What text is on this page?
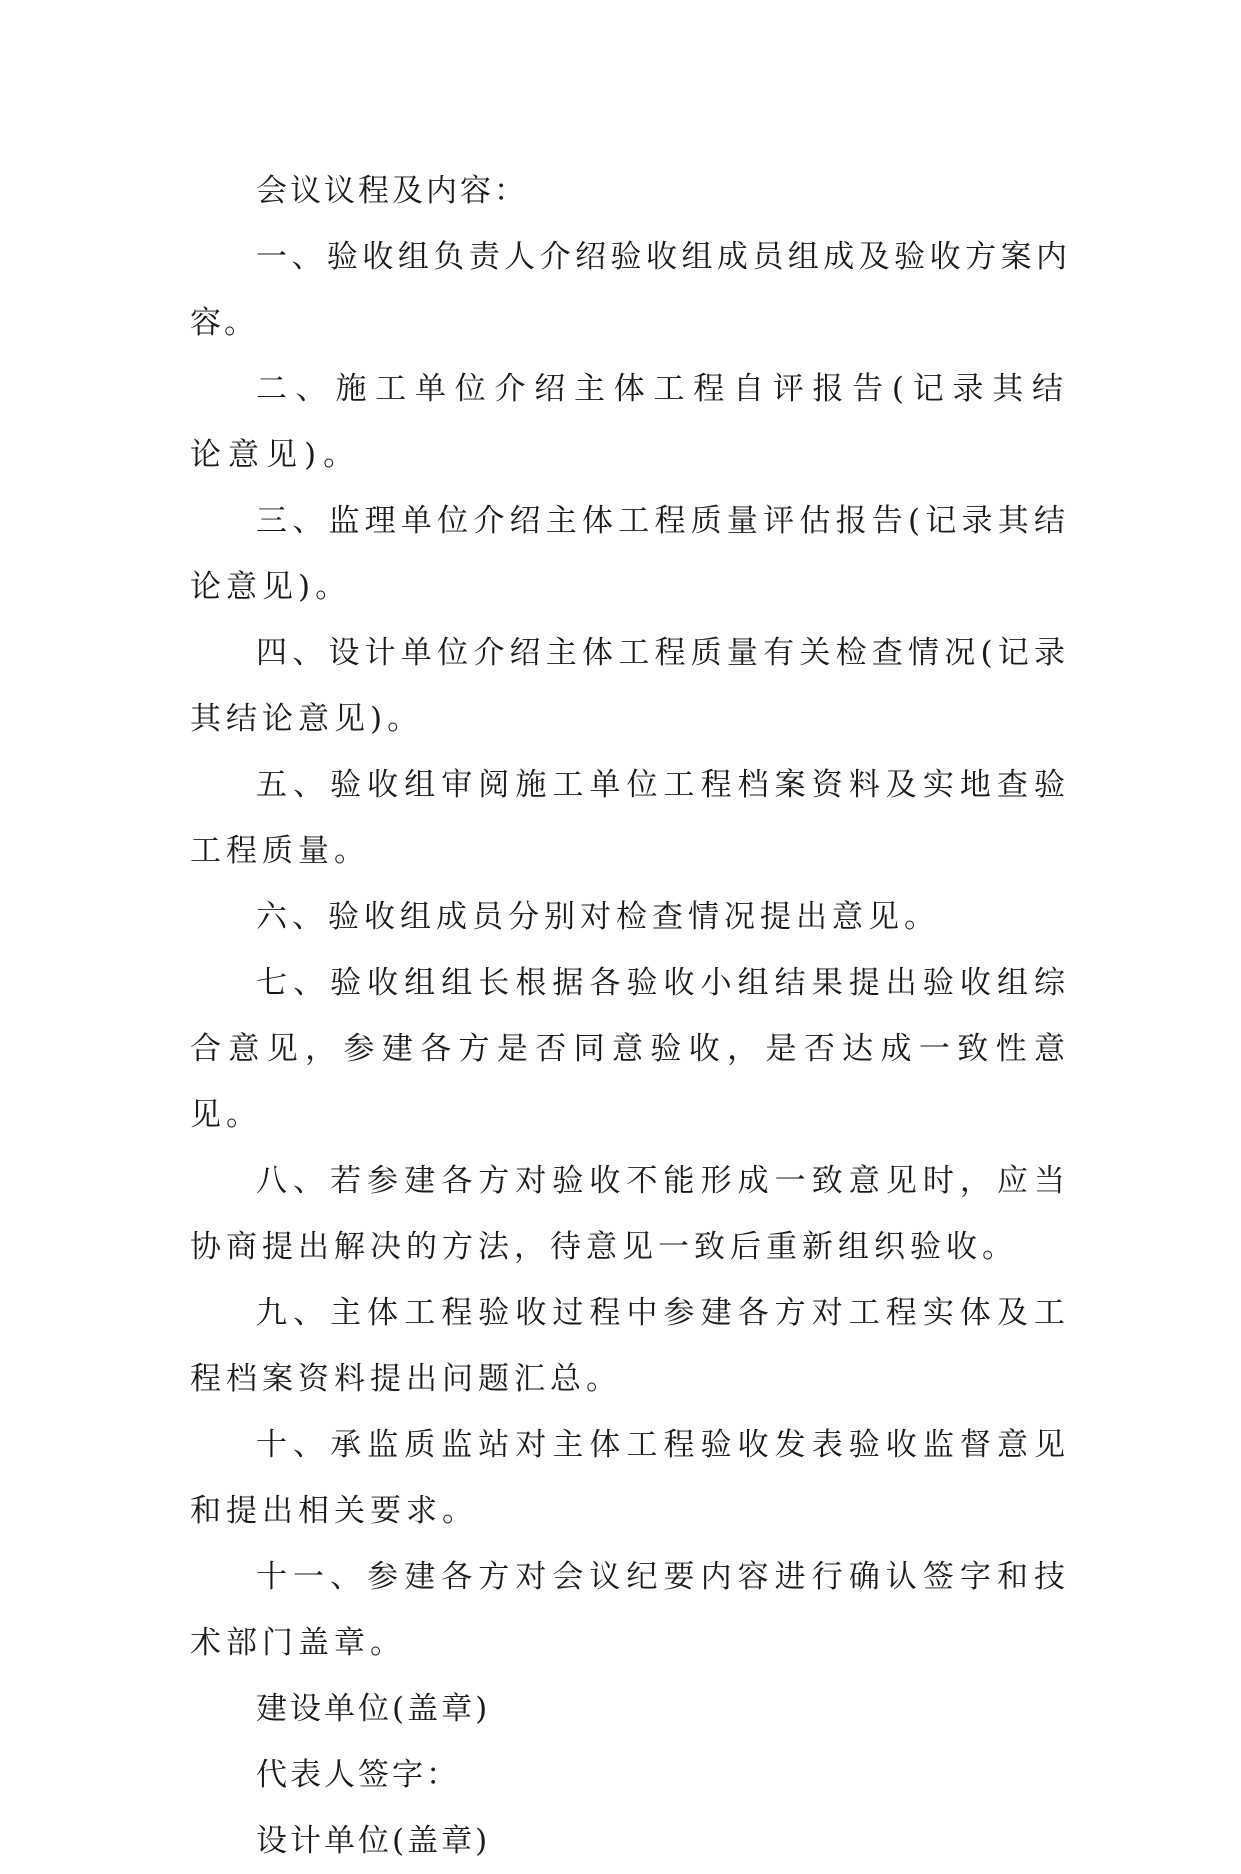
会议议程及内容：

一、验收组负责人介绍验收组成员组成及验收方案内容。

二、施工单位介绍主体工程自评报告(记录其结论意见)。

三、监理单位介绍主体工程质量评估报告(记录其结论意见)。

四、设计单位介绍主体工程质量有关检查情况(记录其结论意见)。

五、验收组审阅施工单位工程档案资料及实地查验工程质量。

六、验收组成员分别对检查情况提出意见。

七、验收组组长根据各验收小组结果提出验收组综合意见，参建各方是否同意验收，是否达成一致性意见。

八、若参建各方对验收不能形成一致意见时，应当协商提出解决的方法，待意见一致后重新组织验收。

九、主体工程验收过程中参建各方对工程实体及工程档案资料提出问题汇总。

十、承监质监站对主体工程验收发表验收监督意见和提出相关要求。

十一、参建各方对会议纪要内容进行确认签字和技术部门盖章。

建设单位(盖章)

代表人签字：

设计单位(盖章)
